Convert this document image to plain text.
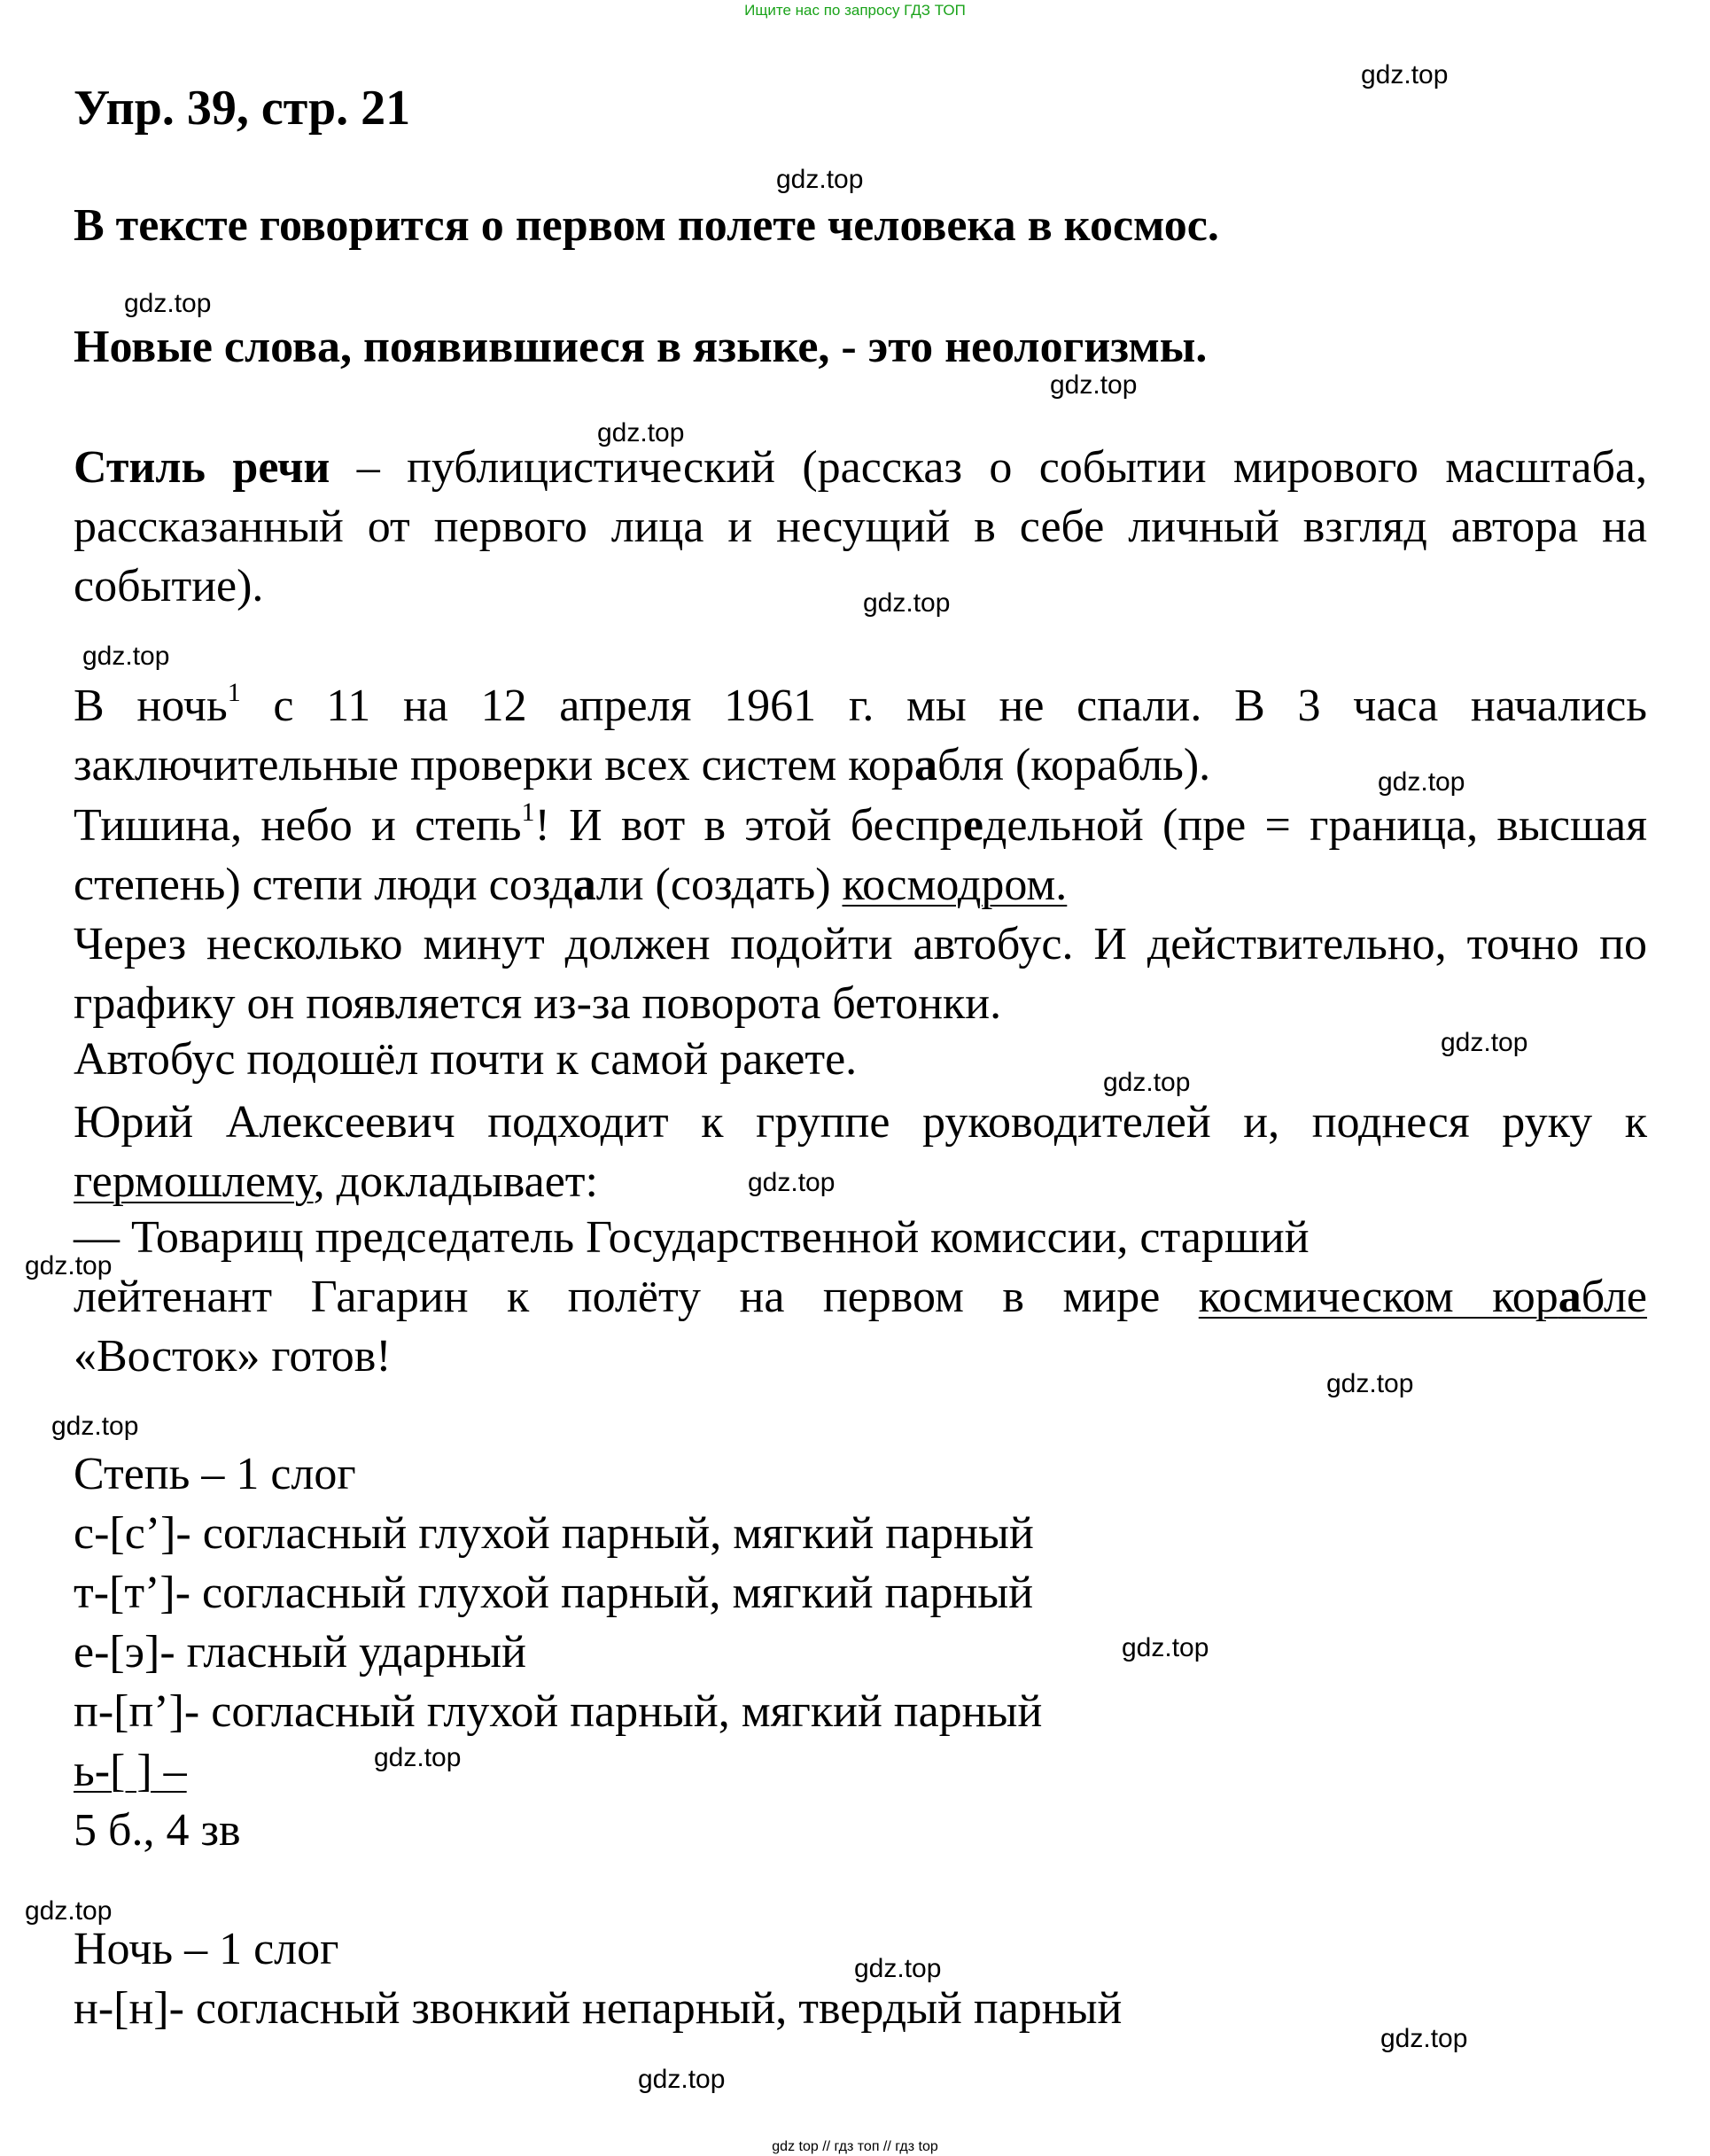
Ищите нас по запросу ГДЗ ТОП
Упр. 39, стр. 21
В тексте говорится о первом полете человека в космос.
Новые слова, появившиеся в языке, - это неологизмы.
Стиль речи – публицистический (рассказ о событии мирового масштаба, рассказанный от первого лица и несущий в себе личный взгляд автора на событие).
В ночь$^1$ с 11 на 12 апреля 1961 г. мы не спали. В 3 часа начались заключительные проверки всех систем корабля (корабль).
Тишина, небо и степь$^1$! И вот в этой беспредельной (пре = граница, высшая степень) степи люди создали (создать) космодром.
Через несколько минут должен подойти автобус. И действительно, точно по графику он появляется из-за поворота бетонки.
Автобус подошёл почти к самой ракете.
Юрий Алексеевич подходит к группе руководителей и, поднеся руку к гермошлему, докладывает:
— Товарищ председатель Государственной комиссии, старший
лейтенант Гагарин к полёту на первом в мире космическом корабле
«Восток» готов!
Степь – 1 слог
с-[с’]- согласный глухой парный, мягкий парный
т-[т’]- согласный глухой парный, мягкий парный
е-[э]- гласный ударный
п-[п’]- согласный глухой парный, мягкий парный
ь-[ ] –
5 б., 4 зв
Ночь – 1 слог
н-[н]- согласный звонкий непарный, твердый парный
gdz.top
gdz.top
gdz.top
gdz.top
gdz.top
gdz.top
gdz.top
gdz.top
gdz.top
gdz.top
gdz.top
gdz.top
gdz.top
gdz.top
gdz.top
gdz.top
gdz.top
gdz.top
gdz.top
gdz.top
gdz top // гдз топ // гдз top
